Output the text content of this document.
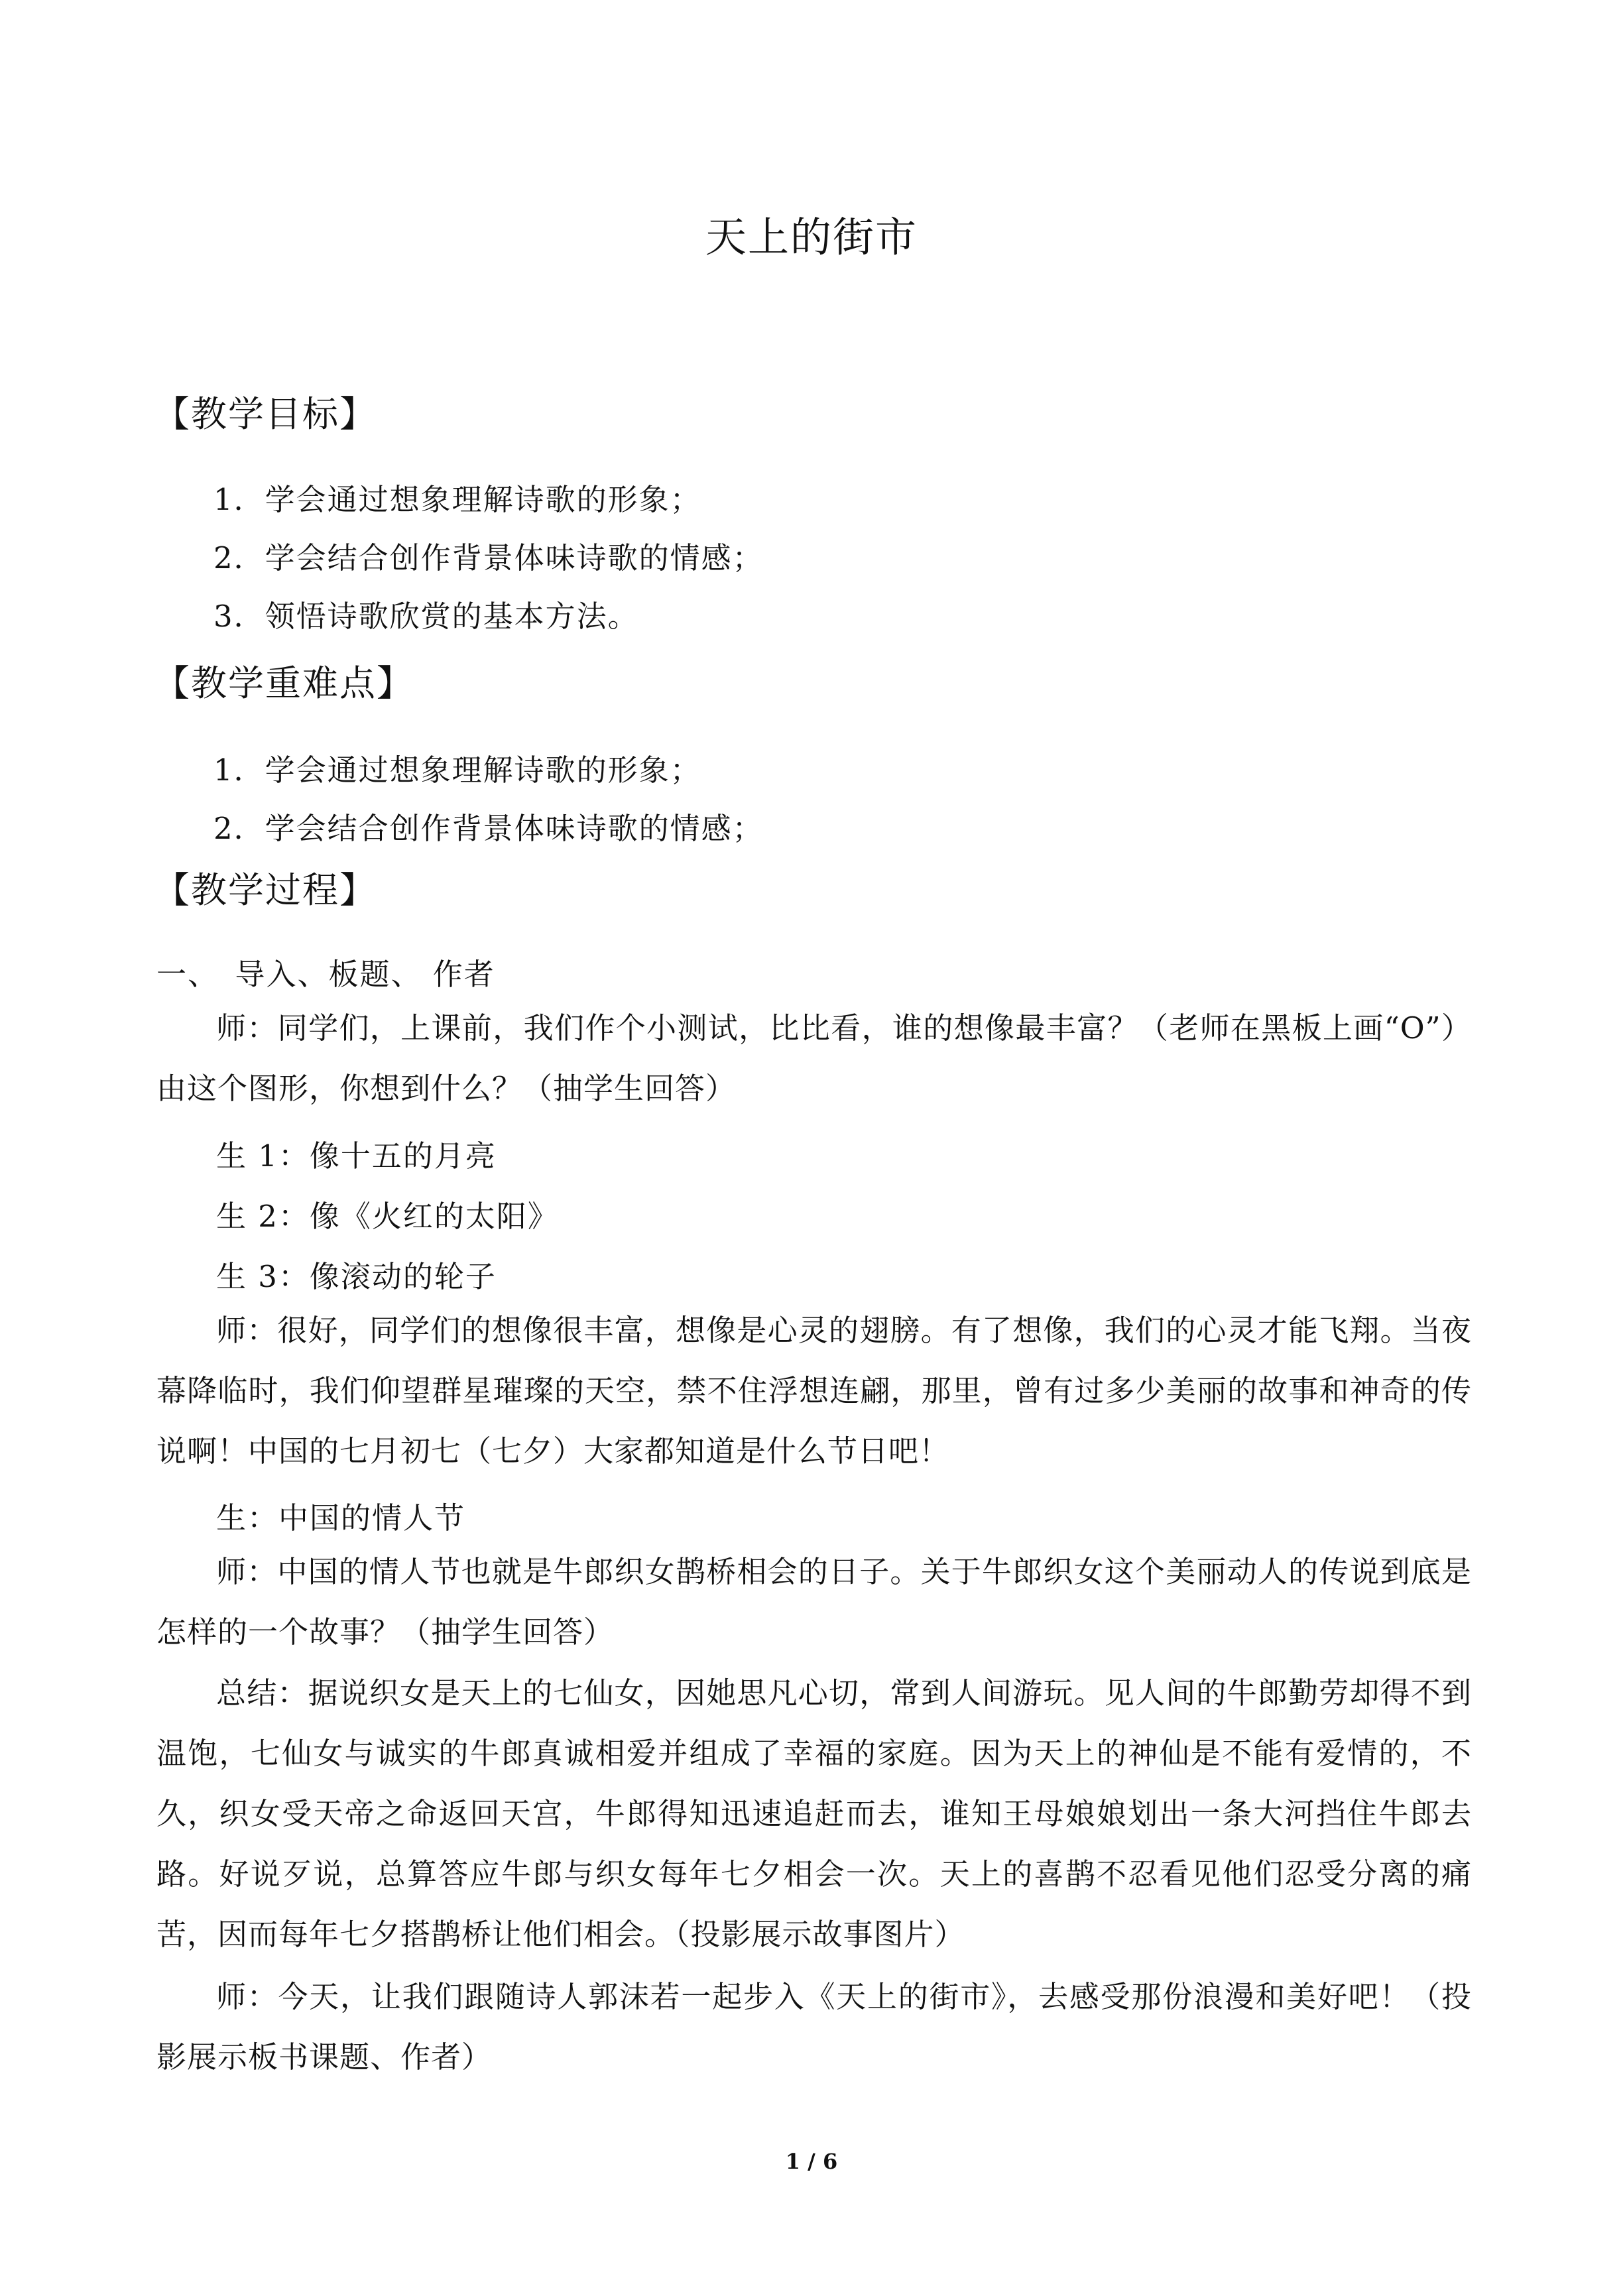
天上的街市
【教学目标】
1．学会通过想象理解诗歌的形象；
2．学会结合创作背景体味诗歌的情感；
3．领悟诗歌欣赏的基本方法。
【教学重难点】
1．学会通过想象理解诗歌的形象；
2．学会结合创作背景体味诗歌的情感；
【教学过程】
一、　导入、板题、 作者
师：同学们，上课前，我们作个小测试，比比看，谁的想像最丰富？（老师在黑板上画“O”）由这个图形，你想到什么？（抽学生回答）
生 1：像十五的月亮
生 2：像《火红的太阳》
生 3：像滚动的轮子
师：很好，同学们的想像很丰富，想像是心灵的翅膀。有了想像，我们的心灵才能飞翔。当夜幕降临时，我们仰望群星璀璨的天空，禁不住浮想连翩，那里，曾有过多少美丽的故事和神奇的传说啊！中国的七月初七（七夕）大家都知道是什么节日吧！
生：中国的情人节
师：中国的情人节也就是牛郎织女鹊桥相会的日子。关于牛郎织女这个美丽动人的传说到底是怎样的一个故事？（抽学生回答）
总结：据说织女是天上的七仙女，因她思凡心切，常到人间游玩。见人间的牛郎勤劳却得不到温饱，七仙女与诚实的牛郎真诚相爱并组成了幸福的家庭。因为天上的神仙是不能有爱情的，不久，织女受天帝之命返回天宫，牛郎得知迅速追赶而去，谁知王母娘娘划出一条大河挡住牛郎去路。好说歹说，总算答应牛郎与织女每年七夕相会一次。天上的喜鹊不忍看见他们忍受分离的痛苦，因而每年七夕搭鹊桥让他们相会。（投影展示故事图片）
师：今天，让我们跟随诗人郭沫若一起步入《天上的街市》，去感受那份浪漫和美好吧！（投影展示板书课题、作者）
1 / 6
